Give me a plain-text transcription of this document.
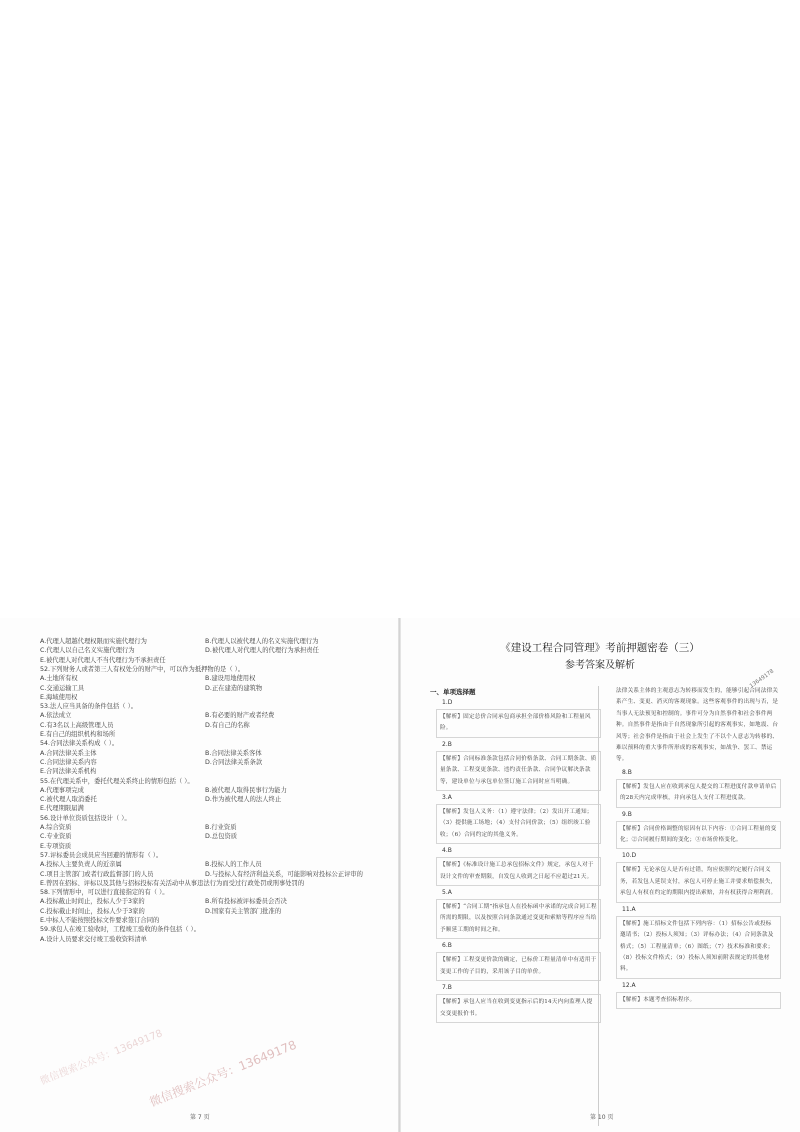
A.代理人超越代理权限而实施代理行为	B.代理人以被代理人的名义实施代理行为
C.代理人以自己名义实施代理行为	D.被代理人对代理人的代理行为承担责任
E.被代理人对代理人不当代理行为不承担责任
52.下列财务人或者第三人有权处分的财产中，可以作为抵押物的是（ ）。
A.土地所有权	B.建设用地使用权
C.交通运输工具	D.正在建造的建筑物
E.海域使用权
53.法人应当具备的条件包括（ ）。
A.依法成立	B.有必要的财产或者经费
C.有3名以上高级管理人员	D.有自己的名称
E.有自己的组织机构和场所
54.合同法律关系构成（ ）。
A.合同法律关系主体	B.合同法律关系客体
C.合同法律关系内容	D.合同法律关系条款
E.合同法律关系机构
55.在代理关系中，委托代理关系终止的情形包括（ ）。
A.代理事项完成	B.被代理人取得民事行为能力
C.被代理人取消委托	D.作为被代理人的法人终止
E.代理期限届满
56.设计单位资质包括设计（ ）。
A.综合资质	B.行业资质
C.专业资质	D.总包资质
E.专项资质
57.评标委员会成员应当回避的情形有（ ）。
A.投标人主要负责人的近亲属	B.投标人的工作人员
C.项目主管部门或者行政监督部门的人员	D.与投标人有经济利益关系，可能影响对投标公正评审的
E.曾因在招标、评标以及其他与招标投标有关活动中从事违法行为而受过行政处罚或刑事处罚的
58.下列情形中，可以进行直接指定的有（ ）。
A.投标截止时间止，投标人少于3家的	B.所有投标被评标委员会否决
C.投标截止时间止，投标人少于3家的	D.国家有关主管部门批准的
E.中标人不能按照投标文件要求签订合同的
59.承包人在竣工验收时，工程竣工验收的条件包括（ ）。
A.设计人员要求交付竣工验收资料清单
第 7 页
微信搜索公众号：13649178
微信搜索公众号：13649178
《建设工程合同管理》考前押题密卷（三）
参考答案及解析
13649178
一、单项选择题
1.D
【解析】固定总价合同承包商承担全部价格风险和工程量风险。
2.B
【解析】合同标准条款包括合同价格条款、合同工期条款、质量条款、工程变更条款、违约责任条款、合同争议解决条款等，建设单位与承包单位签订施工合同时应当明确。
3.A
【解析】发包人义务：（1）遵守法律；（2）发出开工通知；（3）提供施工场地；（4）支付合同价款；（5）组织竣工验收；（6）合同约定的其他义务。
4.B
【解析】《标准设计施工总承包招标文件》规定，承包人对于设计文件的审查期限，自发包人收到之日起不应超过21天。
5.A
【解析】“合同工期”指承包人在投标函中承诺的完成合同工程所需的期限，以及按照合同条款通过变更和索赔等程序应当给予顺延工期的时间之和。
6.B
【解析】工程变更价款的确定，已标价工程量清单中有适用于变更工作的子目的，采用该子目的单价。
7.B
【解析】承包人应当在收到变更指示后的14天内向监理人提交变更报价书。
法律关系主体的主观意志为转移而发生的，能够引起合同法律关系产生、变更、消灭的客观现象。这些客观事件的出现与否，是当事人无法预见和控制的。事件可分为自然事件和社会事件两种。自然事件是指由于自然现象所引起的客观事实，如地震、台风等；社会事件是指由于社会上发生了不以个人意志为转移的、难以预料的重大事件所形成的客观事实，如战争、罢工、禁运等。
8.B
【解析】发包人应在收到承包人提交的工程进度付款申请单后的28天内完成审核，并向承包人支付工程进度款。
9.B
【解析】合同价格调整的原因有以下内容：①合同工程量的变化；②合同履行期间的变化；③市场价格变化。
10.D
【解析】无论承包人是否有过错，均应依照约定履行合同义务，若发包人延误支付，承包人可停止施工并要求赔偿损失，承包人有权在约定的期限内提出索赔，并有权获得合理利润。
11.A
【解析】施工招标文件包括下列内容：（1）招标公告或投标邀请书；（2）投标人须知；（3）评标办法；（4）合同条款及格式；（5）工程量清单；（6）图纸；（7）技术标准和要求；（8）投标文件格式；（9）投标人须知前附表规定的其他材料。
12.A
【解析】本题考查招标程序。
第 10 页
